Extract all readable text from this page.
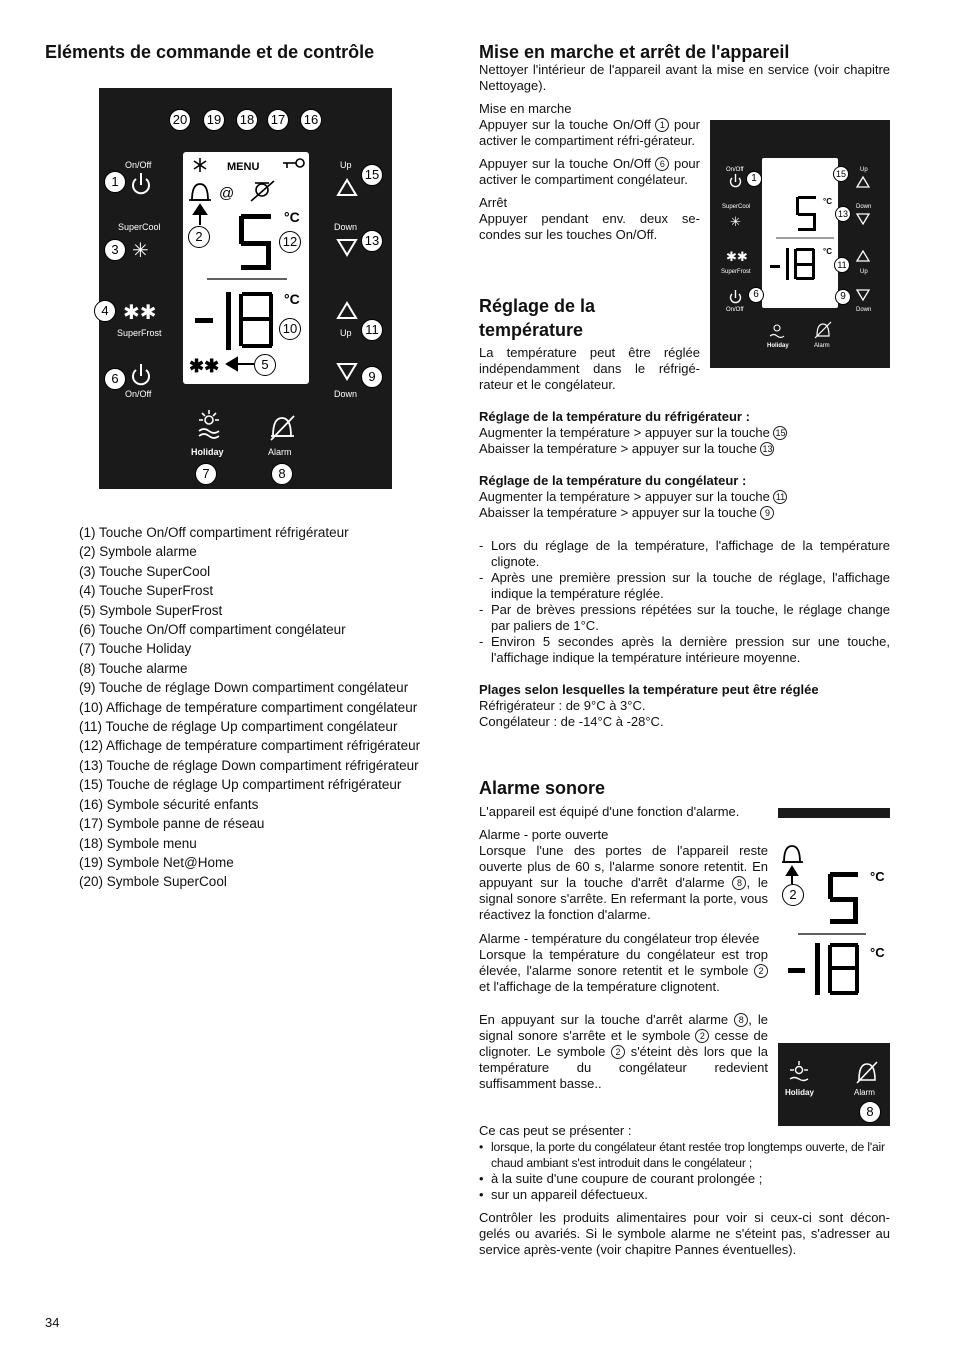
Eléments de commande et de contrôle
MENU
@
°C
°C
✱✱
On/Off
SuperCool
✳
✱✱
SuperFrost
On/Off
Up
Down
Up
Down
Holiday	Alarm
20 19 18 17 16
1
2
3
4
5
6
7	8
9
10	11
12	13
15
(1) Touche On/Off compartiment réfrigérateur
(2) Symbole alarme
(3) Touche SuperCool
(4) Touche SuperFrost
(5) Symbole SuperFrost
(6) Touche On/Off compartiment congélateur
(7) Touche Holiday
(8) Touche alarme
(9) Touche de réglage Down compartiment congélateur
(10) Affichage de température compartiment congélateur
(11) Touche de réglage Up compartiment congélateur
(12) Affichage de température compartiment réfrigérateur
(13) Touche de réglage Down compartiment réfrigérateur
(15) Touche de réglage Up compartiment réfrigérateur
(16) Symbole sécurité enfants
(17) Symbole panne de réseau
(18) Symbole menu
(19) Symbole Net@Home
(20) Symbole SuperCool
34
Mise en marche et arrêt de l'appareil
Nettoyer l'intérieur de l'appareil avant la mise en service (voir chapitre Nettoyage).
Mise en marche
Appuyer sur la touche On/Off 1 pour activer le compartiment réfri-gérateur.
Appuyer sur la touche On/Off 6 pour activer le compartiment congélateur.
Arrêt
Appuyer pendant env. deux se-condes sur les touches On/Off.
°C
°C
On/Off
SuperCool
✳
✱✱
SuperFrost
On/Off
Up
Down
Up
Down
Holiday	Alarm
1
6
15
13
11
9
Réglage de la
température
La température peut être réglée indépendamment dans le réfrigé-rateur et le congélateur.
Réglage de la température du réfrigérateur :
Augmenter la température > appuyer sur la touche 15
Abaisser la température > appuyer sur la touche 13
Réglage de la température du congélateur :
Augmenter la température > appuyer sur la touche 11
Abaisser la température > appuyer sur la touche 9
- Lors du réglage de la température, l'affichage de la température clignote.
- Après une première pression sur la touche de réglage, l'affichage indique la température réglée.
- Par de brèves pressions répétées sur la touche, le réglage change par paliers de 1°C.
- Environ 5 secondes après la dernière pression sur une touche, l'affichage indique la température intérieure moyenne.
Plages selon lesquelles la température peut être réglée
Réfrigérateur : de 9°C à 3°C.
Congélateur : de -14°C à -28°C.
Alarme sonore
L'appareil est équipé d'une fonction d'alarme.
Alarme - porte ouverte
Lorsque l'une des portes de l'appareil reste ouverte plus de 60 s, l'alarme sonore retentit. En appuyant sur la touche d'arrêt d'alarme 8 , le signal sonore s'arrête. En refermant la porte, vous réactivez la fonction d'alarme.
Alarme - température du congélateur trop élevée
Lorsque la température du congélateur est trop élevée, l'alarme sonore retentit et le symbole 2 et l'affichage de la température clignotent.
En appuyant sur la touche d'arrêt alarme 8 , le signal sonore s'arrête et le symbole 2 cesse de clignoter. Le symbole 2 s'éteint dès lors que la température du congélateur redevient suffisamment basse..
°C
°C
2
Holiday	Alarm
8
Ce cas peut se présenter :
• lorsque, la porte du congélateur étant restée trop longtemps ouverte, de l'air chaud ambiant s'est introduit dans le congélateur ;
• à la suite d'une coupure de courant prolongée ;
• sur un appareil défectueux.
Contrôler les produits alimentaires pour voir si ceux-ci sont décon-gelés ou avariés. Si le symbole alarme ne s'éteint pas, s'adresser au service après-vente (voir chapitre Pannes éventuelles).
